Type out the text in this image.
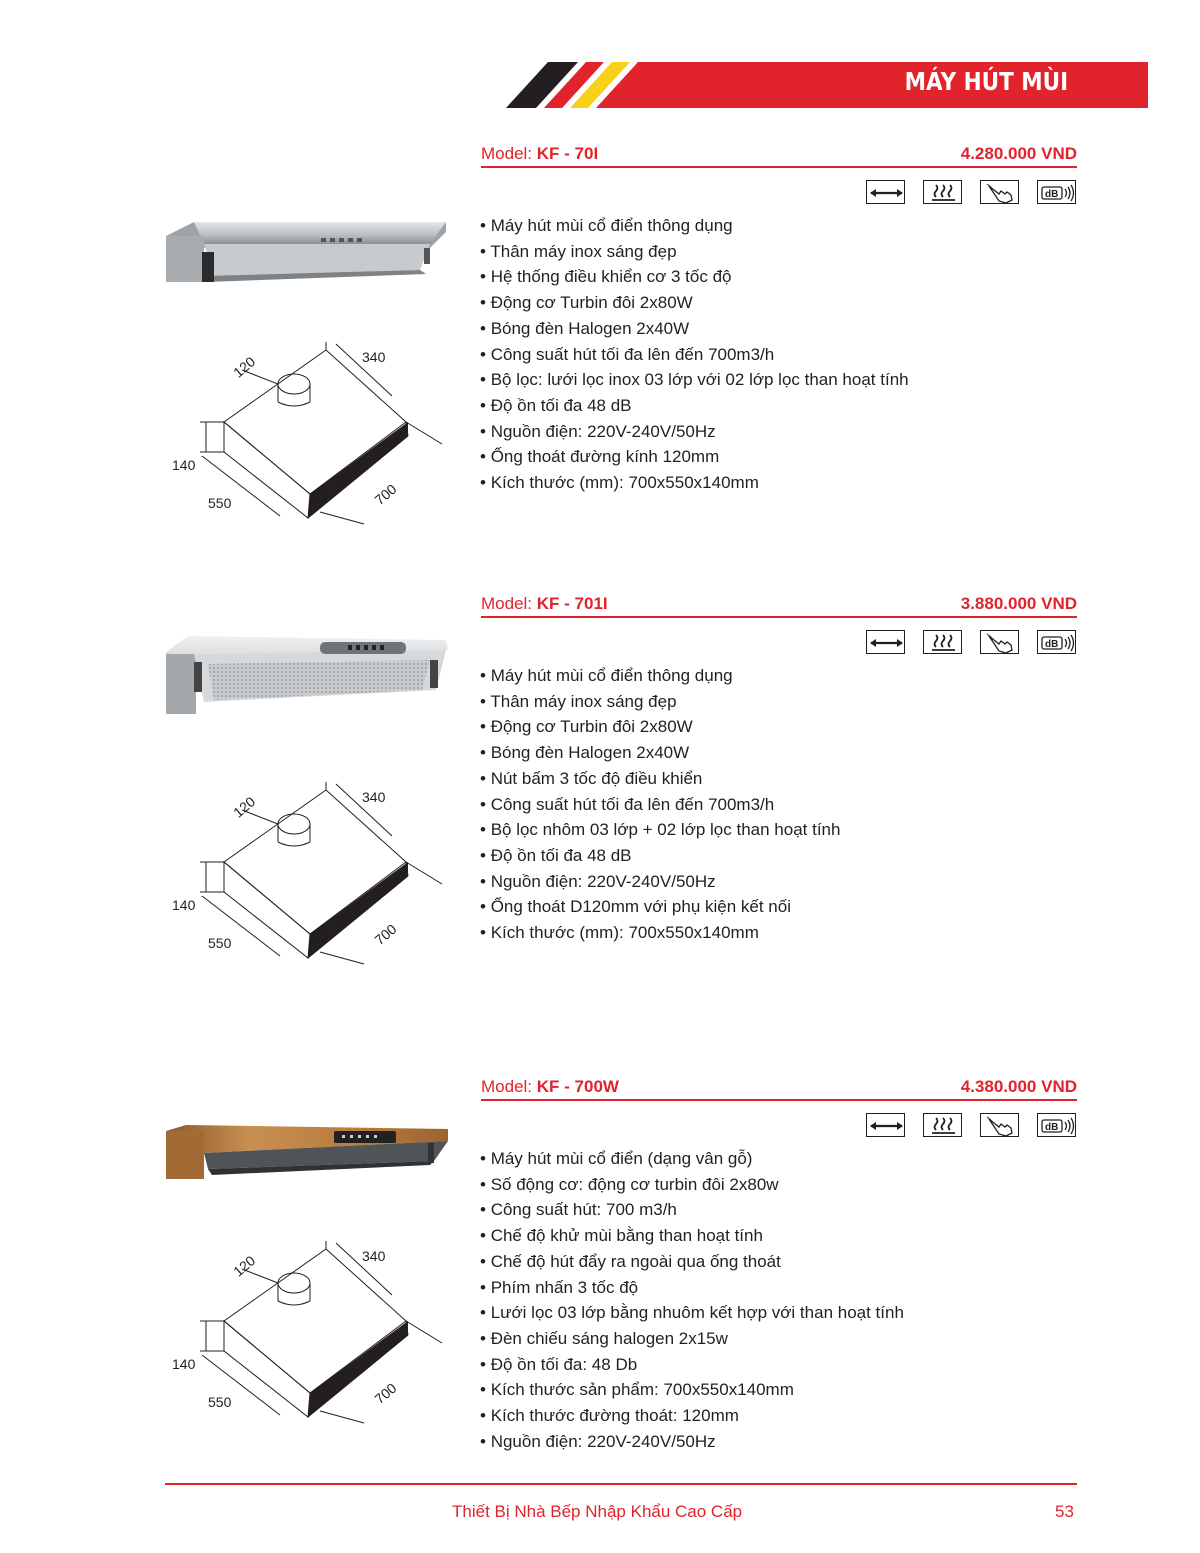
MÁY HÚT MÙI
Model: KF - 70I	4.280.000 VND
dB
• Máy hút mùi cổ điển thông dụng
• Thân máy inox sáng đẹp
• Hệ thống điều khiển cơ 3 tốc độ
• Động cơ Turbin đôi 2x80W
• Bóng đèn Halogen 2x40W
• Công suất hút tối đa lên đến 700m3/h
• Bộ lọc: lưới lọc inox 03 lớp với 02 lớp lọc than hoạt tính
• Độ ồn tối đa 48 dB
• Nguồn điện: 220V-240V/50Hz
• Ống thoát đường kính 120mm
• Kích thước (mm): 700x550x140mm
120	340
140
550	700
Model: KF - 701I	3.880.000 VND
dB
• Máy hút mùi cổ điển thông dụng
• Thân máy inox sáng đẹp
• Động cơ Turbin đôi 2x80W
• Bóng đèn Halogen 2x40W
• Nút bấm 3 tốc độ điều khiển
• Công suất hút tối đa lên đến 700m3/h
• Bộ lọc nhôm 03 lớp + 02 lớp lọc than hoạt tính
• Độ ồn tối đa 48 dB
• Nguồn điện: 220V-240V/50Hz
• Ống thoát D120mm với phụ kiện kết nối
• Kích thước (mm): 700x550x140mm
120	340
140
550	700
Model: KF - 700W	4.380.000 VND
dB
• Máy hút mùi cổ điển (dạng vân gỗ)
• Số động cơ: động cơ turbin đôi 2x80w
• Công suất hút: 700 m3/h
• Chế độ khử mùi bằng than hoạt tính
• Chế độ hút đẩy ra ngoài qua ống thoát
• Phím nhấn 3 tốc độ
• Lưới lọc 03 lớp bằng nhuôm kết hợp với than hoạt tính
• Đèn chiếu sáng halogen 2x15w
• Độ ồn tối đa: 48 Db
• Kích thước sản phẩm: 700x550x140mm
• Kích thước đường thoát: 120mm
• Nguồn điện: 220V-240V/50Hz
120	340
140
550	700
Thiết Bị Nhà Bếp Nhập Khẩu Cao Cấp	53
